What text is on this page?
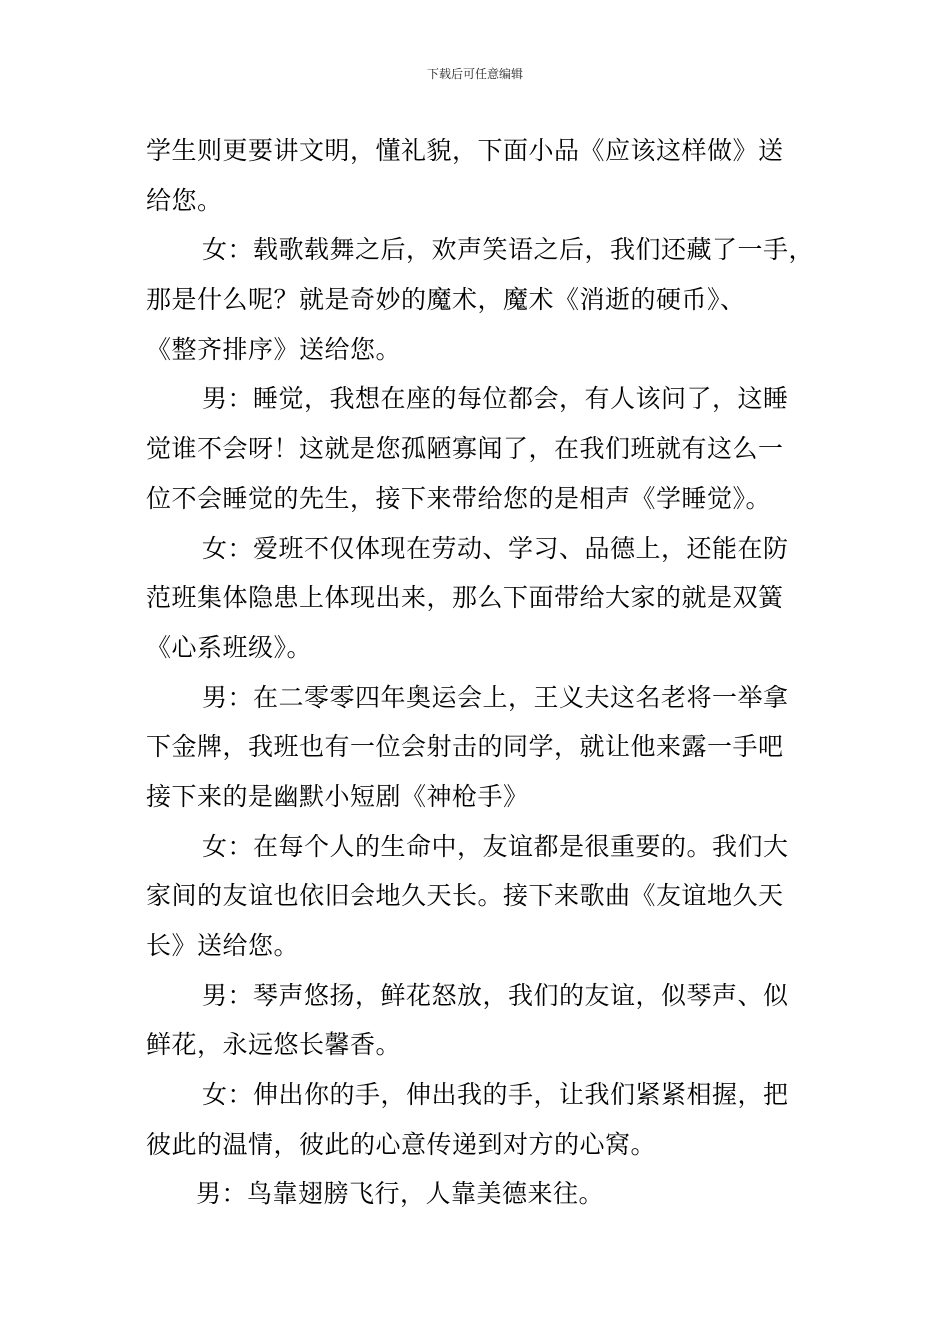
下载后可任意编辑
学生则更要讲文明，懂礼貌，下面小品《应该这样做》送
给您。
女：载歌载舞之后，欢声笑语之后，我们还藏了一手，
那是什么呢？就是奇妙的魔术，魔术《消逝的硬币》、
《整齐排序》送给您。
男：睡觉，我想在座的每位都会，有人该问了，这睡
觉谁不会呀！这就是您孤陋寡闻了，在我们班就有这么一
位不会睡觉的先生，接下来带给您的是相声《学睡觉》。
女：爱班不仅体现在劳动、学习、品德上，还能在防
范班集体隐患上体现出来，那么下面带给大家的就是双簧
《心系班级》。
男：在二零零四年奥运会上，王义夫这名老将一举拿
下金牌，我班也有一位会射击的同学，就让他来露一手吧
接下来的是幽默小短剧《神枪手》
女：在每个人的生命中，友谊都是很重要的。我们大
家间的友谊也依旧会地久天长。接下来歌曲《友谊地久天
长》送给您。
男：琴声悠扬，鲜花怒放，我们的友谊，似琴声、似
鲜花，永远悠长馨香。
女：伸出你的手，伸出我的手，让我们紧紧相握，把
彼此的温情，彼此的心意传递到对方的心窝。
男：鸟靠翅膀飞行，人靠美德来往。
